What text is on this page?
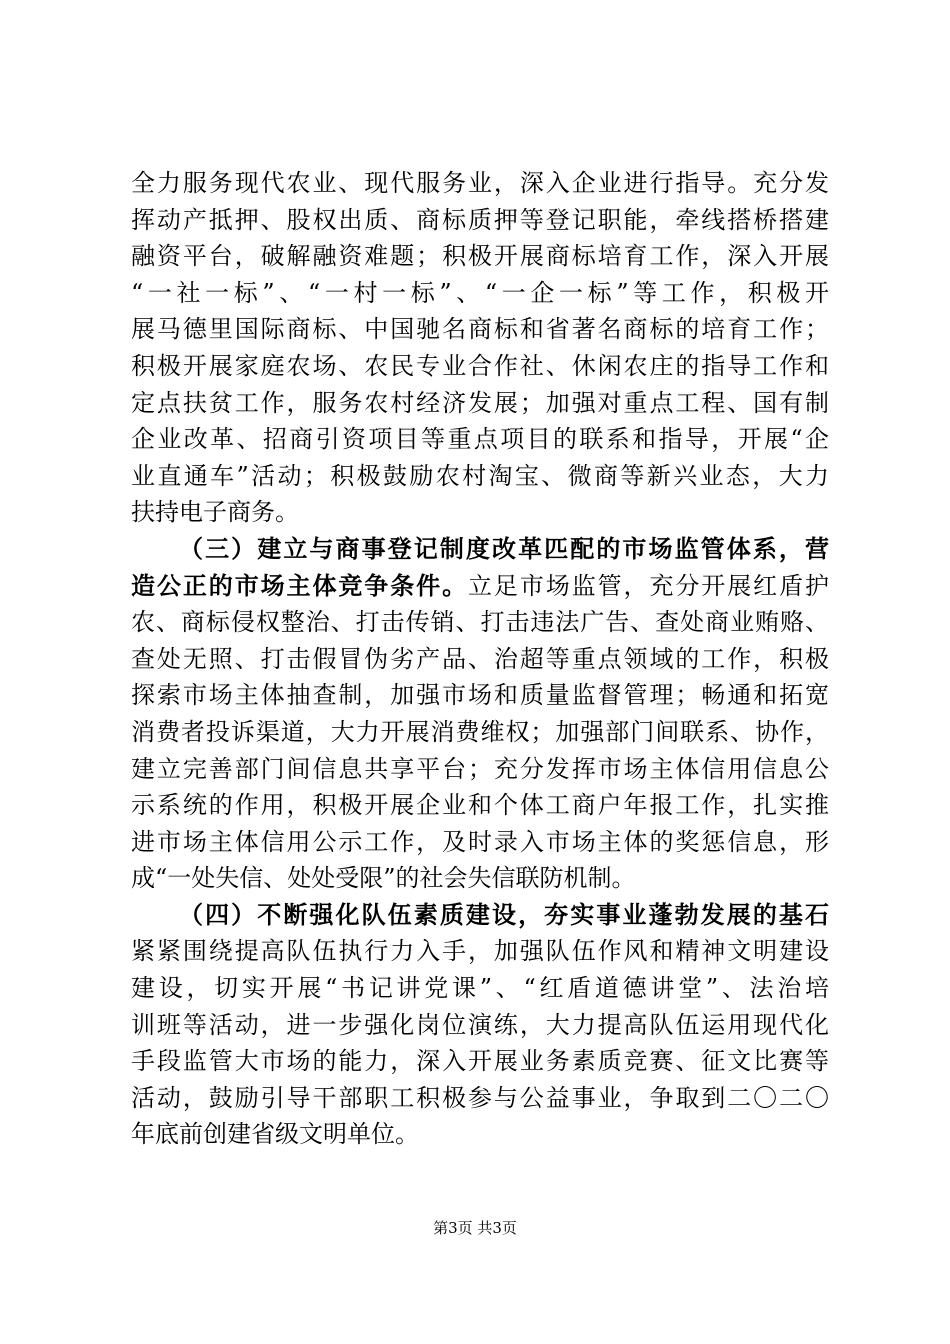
全力服务现代农业、现代服务业，深入企业进行指导。充分发
挥动产抵押、股权出质、商标质押等登记职能，牵线搭桥搭建
融资平台，破解融资难题；积极开展商标培育工作，深入开展
“一社一标”、“一村一标”、“一企一标”等工作，积极开
展马德里国际商标、中国驰名商标和省著名商标的培育工作；
积极开展家庭农场、农民专业合作社、休闲农庄的指导工作和
定点扶贫工作，服务农村经济发展；加强对重点工程、国有制
企业改革、招商引资项目等重点项目的联系和指导，开展“企
业直通车”活动；积极鼓励农村淘宝、微商等新兴业态，大力
扶持电子商务。
（三）建立与商事登记制度改革匹配的市场监管体系，营
造公正的市场主体竞争条件。立足市场监管，充分开展红盾护
农、商标侵权整治、打击传销、打击违法广告、查处商业贿赂、
查处无照、打击假冒伪劣产品、治超等重点领域的工作，积极
探索市场主体抽查制，加强市场和质量监督管理；畅通和拓宽
消费者投诉渠道，大力开展消费维权；加强部门间联系、协作，
建立完善部门间信息共享平台；充分发挥市场主体信用信息公
示系统的作用，积极开展企业和个体工商户年报工作，扎实推
进市场主体信用公示工作，及时录入市场主体的奖惩信息，形
成“一处失信、处处受限”的社会失信联防机制。
（四）不断强化队伍素质建设，夯实事业蓬勃发展的基石
紧紧围绕提高队伍执行力入手，加强队伍作风和精神文明建设
建设，切实开展“书记讲党课”、“红盾道德讲堂”、法治培
训班等活动，进一步强化岗位演练，大力提高队伍运用现代化
手段监管大市场的能力，深入开展业务素质竞赛、征文比赛等
活动，鼓励引导干部职工积极参与公益事业，争取到二〇二〇
年底前创建省级文明单位。
第3页 共3页
